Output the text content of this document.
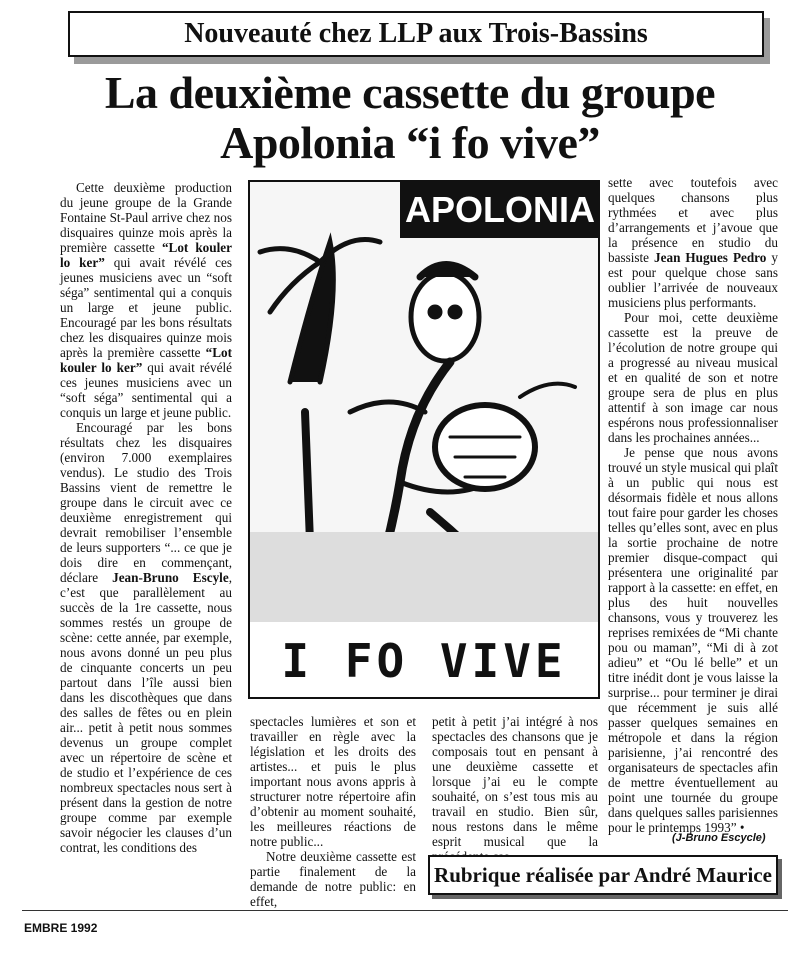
Nouveauté chez LLP aux Trois-Bassins
La deuxième cassette du groupe
Apolonia “i fo vive”

Cette deuxième production du jeune groupe de la Grande Fontaine St-Paul arrive chez nos disquaires quinze mois après la première cassette “Lot kouler lo ker” qui avait révélé ces jeunes musiciens avec un “soft séga” sentimental qui a conquis un large et jeune public. Encouragé par les bons résultats chez les disquaires quinze mois après la première cassette “Lot kouler lo ker” qui avait révélé ces jeunes musiciens avec un “soft séga” sentimental qui a conquis un large et jeune public.

Encouragé par les bons résultats chez les disquaires (environ 7.000 exemplaires vendus). Le studio des Trois Bassins vient de remettre le groupe dans le circuit avec ce deuxième enregistrement qui devrait remobiliser l’ensemble de leurs supporters “... ce que je dois dire en commençant, déclare Jean-Bruno Escyle, c’est que parallèlement au succès de la 1re cassette, nous sommes restés un groupe de scène: cette année, par exemple, nous avons donné un peu plus de cinquante concerts un peu partout dans l’île aussi bien dans les discothèques que dans des salles de fêtes ou en plein air... petit à petit nous sommes devenus un groupe complet avec un répertoire de scène et de studio et l’expérience de ces nombreux spectacles nous sert à présent dans la gestion de notre groupe comme par exemple savoir négocier les clauses d’un contrat, les conditions des

APOLONIA
I FO VIVE

spectacles lumières et son et travailler en règle avec la législation et les droits des artistes... et puis le plus important nous avons appris à structurer notre répertoire afin d’obtenir au moment souhaité, les meilleures réactions de notre public...

Notre deuxième cassette est partie finalement de la demande de notre public: en effet,

petit à petit j’ai intégré à nos spectacles des chansons que je composais tout en pensant à une deuxième cassette et lorsque j’ai eu le compte souhaité, on s’est tous mis au travail en studio. Bien sûr, nous restons dans le même esprit musical que la

sette avec toutefois avec quelques chansons plus rythmées et avec plus d’arrangements et j’avoue que la présence en studio du bassiste Jean Hugues Pedro y est pour quelque chose sans oublier l’arrivée de nouveaux musiciens plus performants.

Pour moi, cette deuxième cassette est la preuve de l’écolution de notre groupe qui a progressé au niveau musical et en qualité de son et notre groupe sera de plus en plus attentif à son image car nous espérons nous professionnaliser dans les prochaines années...

Je pense que nous avons trouvé un style musical qui plaît à un public qui nous est désormais fidèle et nous allons tout faire pour garder les choses telles qu’elles sont, avec en plus la sortie prochaine de notre premier disque-compact qui présentera une originalité par rapport à la cassette: en effet, en plus des huit nouvelles chansons, vous y trouverez les reprises remixées de “Mi chante pou ou maman”, “Mi di à zot adieu” et “Ou lé belle” et un titre inédit dont je vous laisse la surprise... pour terminer je dirai que récemment je suis allé passer quelques semaines en métropole et dans la région parisienne, j’ai rencontré des organisateurs de spectacles afin de mettre éventuellement au point une tournée du groupe dans quelques salles parisiennes pour le printemps 1993” •

(J-Bruno Escycle)
Rubrique réalisée par André Maurice
EMBRE 1992
